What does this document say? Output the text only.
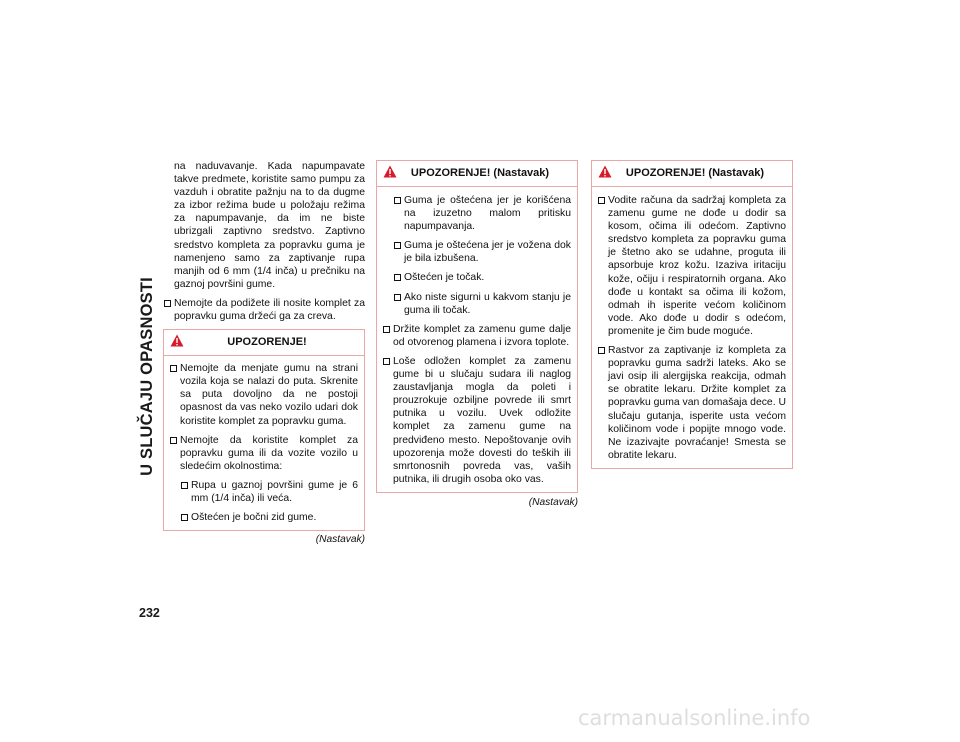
U SLUČAJU OPASNOSTI

na naduvavanje. Kada napumpavate takve predmete, koristite samo pumpu za vazduh i obratite pažnju na to da dugme za izbor režima bude u položaju režima za napumpavanje, da im ne biste ubrizgali zaptivno sredstvo. Zaptivno sredstvo kompleta za popravku guma je namenjeno samo za zaptivanje rupa manjih od 6 mm (1/4 inča) u prečniku na gaznoj površini gume.

Nemojte da podižete ili nosite komplet za popravku guma držeći ga za creva.
UPOZORENJE!
Nemojte da menjate gumu na strani vozila koja se nalazi do puta. Skrenite sa puta dovoljno da ne postoji opasnost da vas neko vozilo udari dok koristite komplet za popravku guma.
Nemojte da koristite komplet za popravku guma ili da vozite vozilo u sledećim okolnostima:
Rupa u gaznoj površini gume je 6 mm (1/4 inča) ili veća.
Oštećen je bočni zid gume.
(Nastavak)
UPOZORENJE! (Nastavak)
Guma je oštećena jer je korišćena na izuzetno malom pritisku napumpavanja.
Guma je oštećena jer je vožena dok je bila izbušena.
Oštećen je točak.
Ako niste sigurni u kakvom stanju je guma ili točak.
Držite komplet za zamenu gume dalje od otvorenog plamena i izvora toplote.
Loše odložen komplet za zamenu gume bi u slučaju sudara ili naglog zaustavljanja mogla da poleti i prouzrokuje ozbiljne povrede ili smrt putnika u vozilu. Uvek odložite komplet za zamenu gume na predviđeno mesto. Nepoštovanje ovih upozorenja može dovesti do teških ili smrtonosnih povreda vas, vaših putnika, ili drugih osoba oko vas.
(Nastavak)
UPOZORENJE! (Nastavak)
Vodite računa da sadržaj kompleta za zamenu gume ne dođe u dodir sa kosom, očima ili odećom. Zaptivno sredstvo kompleta za popravku guma je štetno ako se udahne, proguta ili apsorbuje kroz kožu. Izaziva iritaciju kože, očiju i respiratornih organa. Ako dođe u kontakt sa očima ili kožom, odmah ih isperite većom količinom vode. Ako dođe u dodir s odećom, promenite je čim bude moguće.
Rastvor za zaptivanje iz kompleta za popravku guma sadrži lateks. Ako se javi osip ili alergijska reakcija, odmah se obratite lekaru. Držite komplet za popravku guma van domašaja dece. U slučaju gutanja, isperite usta većom količinom vode i popijte mnogo vode. Ne izazivajte povraćanje! Smesta se obratite lekaru.
232
carmanualsonline.info
